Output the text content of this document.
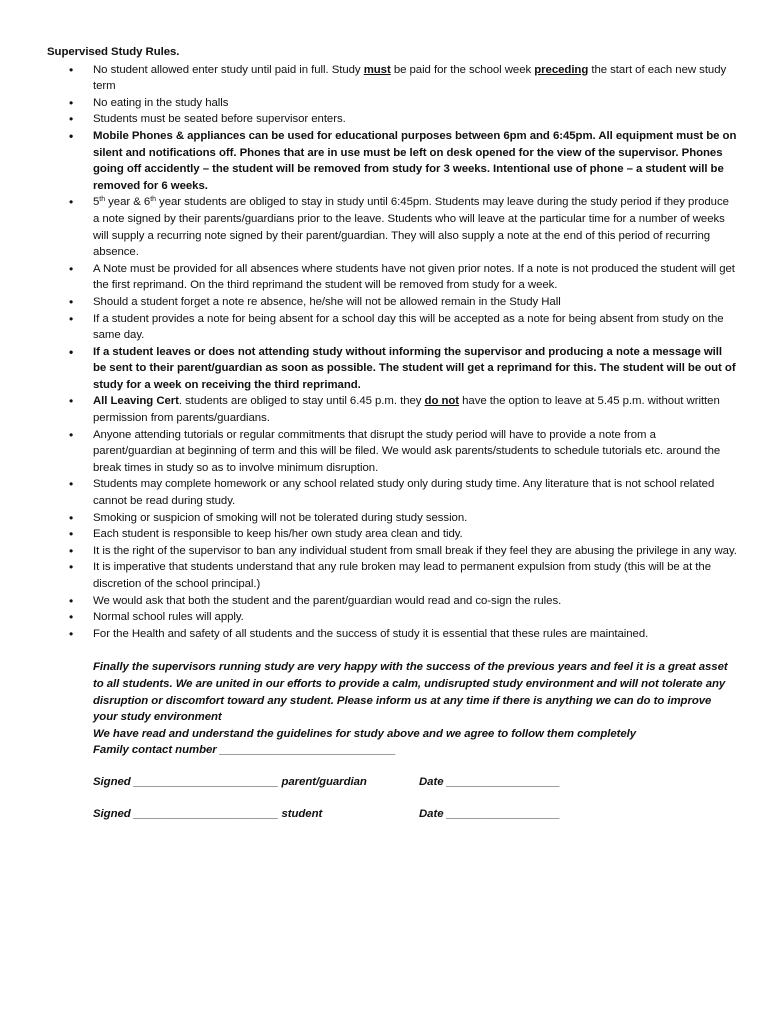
Supervised Study Rules.
• No student allowed enter study until paid in full. Study must be paid for the school week preceding the start of each new study term
• No eating in the study halls
• Students must be seated before supervisor enters.
• Mobile Phones & appliances can be used for educational purposes between 6pm and 6:45pm. All equipment must be on silent and notifications off. Phones that are in use must be left on desk opened for the view of the supervisor. Phones going off accidently – the student will be removed from study for 3 weeks. Intentional use of phone – a student will be removed for 6 weeks.
• 5th year & 6th year students are obliged to stay in study until 6:45pm. Students may leave during the study period if they produce a note signed by their parents/guardians prior to the leave. Students who will leave at the particular time for a number of weeks will supply a recurring note signed by their parent/guardian. They will also supply a note at the end of this period of recurring absence.
• A Note must be provided for all absences where students have not given prior notes. If a note is not produced the student will get the first reprimand. On the third reprimand the student will be removed from study for a week.
• Should a student forget a note re absence, he/she will not be allowed remain in the Study Hall
• If a student provides a note for being absent for a school day this will be accepted as a note for being absent from study on the same day.
• If a student leaves or does not attending study without informing the supervisor and producing a note a message will be sent to their parent/guardian as soon as possible. The student will get a reprimand for this. The student will be out of study for a week on receiving the third reprimand.
• All Leaving Cert. students are obliged to stay until 6.45 p.m. they do not have the option to leave at 5.45 p.m. without written permission from parents/guardians.
• Anyone attending tutorials or regular commitments that disrupt the study period will have to provide a note from a parent/guardian at beginning of term and this will be filed. We would ask parents/students to schedule tutorials etc. around the break times in study so as to involve minimum disruption.
• Students may complete homework or any school related study only during study time. Any literature that is not school related cannot be read during study.
• Smoking or suspicion of smoking will not be tolerated during study session.
• Each student is responsible to keep his/her own study area clean and tidy.
• It is the right of the supervisor to ban any individual student from small break if they feel they are abusing the privilege in any way.
• It is imperative that students understand that any rule broken may lead to permanent expulsion from study (this will be at the discretion of the school principal.)
• We would ask that both the student and the parent/guardian would read and co-sign the rules.
• Normal school rules will apply.
• For the Health and safety of all students and the success of study it is essential that these rules are maintained.

Finally the supervisors running study are very happy with the success of the previous years and feel it is a great asset to all students. We are united in our efforts to provide a calm, undisrupted study environment and will not tolerate any disruption or discomfort toward any student. Please inform us at any time if there is anything we can do to improve your study environment

We have read and understand the guidelines for study above and we agree to follow them completely

Family contact number ____________________________

Signed _______________________ parent/guardian	Date __________________
Signed _______________________ student	Date __________________
